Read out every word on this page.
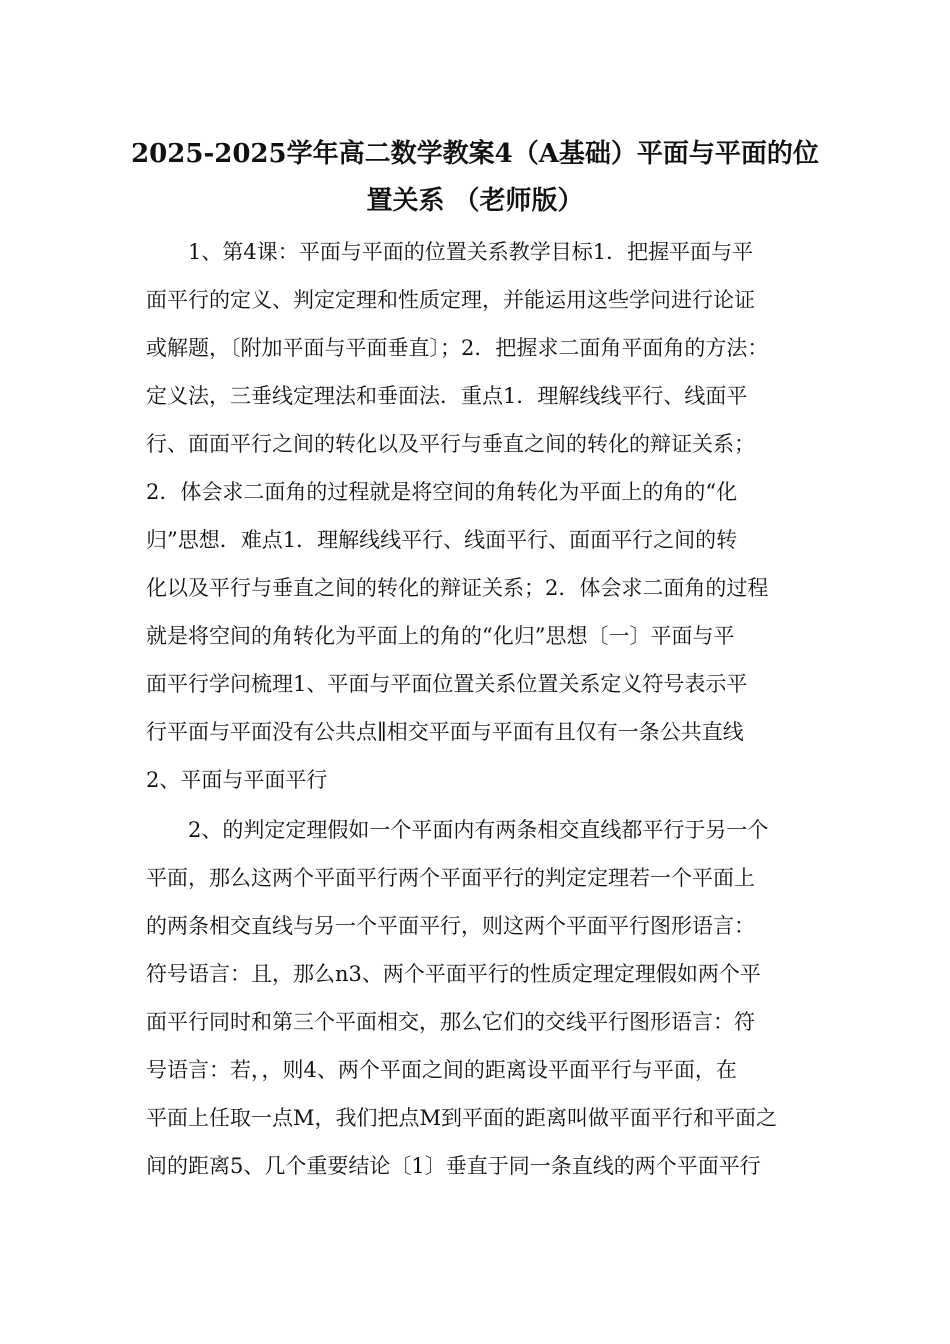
2025-2025学年高二数学教案4（A基础）平面与平面的位
置关系 （老师版）
1、第4课：平面与平面的位置关系教学目标1．把握平面与平
面平行的定义、判定定理和性质定理，并能运用这些学问进行论证
或解题，〔附加平面与平面垂直〕；2．把握求二面角平面角的方法：
定义法，三垂线定理法和垂面法．重点1．理解线线平行、线面平
行、面面平行之间的转化以及平行与垂直之间的转化的辩证关系；
2．体会求二面角的过程就是将空间的角转化为平面上的角的“化
归”思想．难点1．理解线线平行、线面平行、面面平行之间的转
化以及平行与垂直之间的转化的辩证关系；2．体会求二面角的过程
就是将空间的角转化为平面上的角的“化归”思想〔一〕平面与平
面平行学问梳理1、平面与平面位置关系位置关系定义符号表示平
行平面与平面没有公共点∥相交平面与平面有且仅有一条公共直线
2、平面与平面平行
2、的判定定理假如一个平面内有两条相交直线都平行于另一个
平面，那么这两个平面平行两个平面平行的判定定理若一个平面上
的两条相交直线与另一个平面平行，则这两个平面平行图形语言：
符号语言：且，那么n3、两个平面平行的性质定理定理假如两个平
面平行同时和第三个平面相交，那么它们的交线平行图形语言：符
号语言：若，，则4、两个平面之间的距离设平面平行与平面，在
平面上任取一点M，我们把点M到平面的距离叫做平面平行和平面之
间的距离5、几个重要结论〔1〕垂直于同一条直线的两个平面平行
